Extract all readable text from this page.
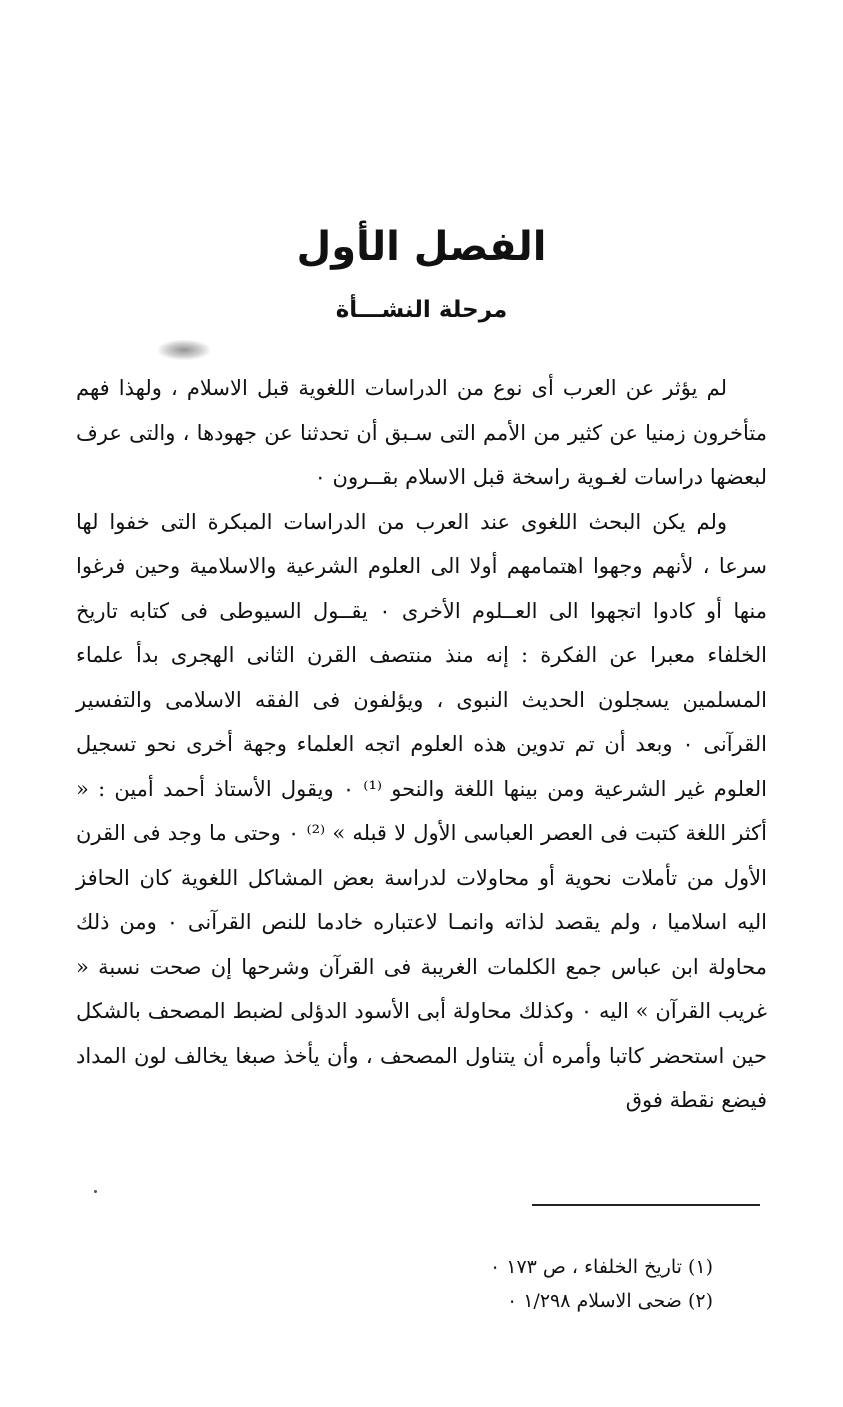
الفصل الأول
مرحلة النشـــأة

لم يؤثر عن العرب أى نوع من الدراسات اللغوية قبل الاسلام ، ولهذا فهم متأخرون زمنيا عن كثير من الأمم التى سـبق أن تحدثنا عن جهودها ، والتى عرف لبعضها دراسات لغـوية راسخة قبل الاسلام بقــرون ٠

ولم يكن البحث اللغوى عند العرب من الدراسات المبكرة التى خفوا لها سرعا ، لأنهم وجهوا اهتمامهم أولا الى العلوم الشرعية والاسلامية وحين فرغوا منها أو كادوا اتجهوا الى العــلوم الأخرى ٠ يقــول السيوطى فى كتابه تاريخ الخلفاء معبرا عن الفكرة : إنه منذ منتصف القرن الثانى الهجرى بدأ علماء المسلمين يسجلون الحديث النبوى ، ويؤلفون فى الفقه الاسلامى والتفسير القرآنى ٠ وبعد أن تم تدوين هذه العلوم اتجه العلماء وجهة أخرى نحو تسجيل العلوم غير الشرعية ومن بينها اللغة والنحو ⁽¹⁾ ٠ ويقول الأستاذ أحمد أمين : « أكثر اللغة كتبت فى العصر العباسى الأول لا قبله » ⁽²⁾ ٠ وحتى ما وجد فى القرن الأول من تأملات نحوية أو محاولات لدراسة بعض المشاكل اللغوية كان الحافز اليه اسلاميا ، ولم يقصد لذاته وانمـا لاعتباره خادما للنص القرآنى ٠ ومن ذلك محاولة ابن عباس جمع الكلمات الغريبة فى القرآن وشرحها إن صحت نسبة « غريب القرآن » اليه ٠ وكذلك محاولة أبى الأسود الدؤلى لضبط المصحف بالشكل حين استحضر كاتبا وأمره أن يتناول المصحف ، وأن يأخذ صبغا يخالف لون المداد فيضع نقطة فوق

(١) تاريخ الخلفاء ، ص ١٧٣ ٠
(٢) ضحى الاسلام ١/٢٩٨ ٠
